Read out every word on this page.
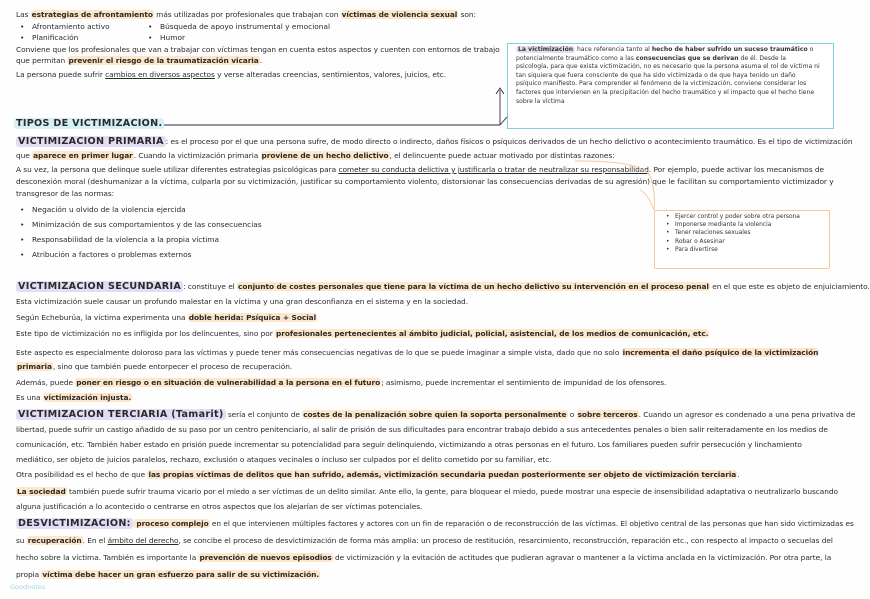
Las estrategias de afrontamiento más utilizadas por profesionales que trabajan con víctimas de violencia sexual son:
• Afrontamiento activo
• Planificación
• Búsqueda de apoyo instrumental y emocional
• Humor
Conviene que los profesionales que van a trabajar con víctimas tengan en cuenta estos aspectos y cuenten con entornos de trabajo
que permitan prevenir el riesgo de la traumatización vicaria.
La persona puede sufrir cambios en diversos aspectos y verse alteradas creencias, sentimientos, valores, juicios, etc.

La victimización hace referencia tanto al hecho de haber sufrido un suceso traumático o

potencialmente traumático como a las consecuencias que se derivan de él. Desde la

psicología, para que exista victimización, no es necesario que la persona asuma el rol de víctima ni

tan siquiera que fuera consciente de que ha sido victimizada o de que haya tenido un daño

psíquico manifiesto. Para comprender el fenómeno de la victimización, conviene considerar los

factores que intervienen en la precipitación del hecho traumático y el impacto que el hecho tiene

sobre la víctima

TIPOS DE VICTIMIZACION.
VICTIMIZACION PRIMARIA : es el proceso por el que una persona sufre, de modo directo o indirecto, daños físicos o psíquicos derivados de un hecho delictivo o acontecimiento traumático. Es el tipo de victimización
que aparece en primer lugar. Cuando la victimización primaria proviene de un hecho delictivo, el delincuente puede actuar motivado por distintas razones:
A su vez, la persona que delinque suele utilizar diferentes estrategias psicológicas para cometer su conducta delictiva y justificarla o tratar de neutralizar su responsabilidad. Por ejemplo, puede activar los mecanismos de
desconexión moral (deshumanizar a la víctima, culparla por su victimización, justificar su comportamiento violento, distorsionar las consecuencias derivadas de su agresión) que le facilitan su comportamiento victimizador y
transgresor de las normas:
• Negación u olvido de la violencia ejercida
• Minimización de sus comportamientos y de las consecuencias
• Responsabilidad de la violencia a la propia víctima
• Atribución a factores o problemas externos
• Ejercer control y poder sobre otra persona
• Imponerse mediante la violencia
• Tener relaciones sexuales
• Robar o Asesinar
• Para divertirse
VICTIMIZACION SECUNDARIA : constituye el conjunto de costes personales que tiene para la víctima de un hecho delictivo su intervención en el proceso penal en el que este es objeto de enjuiciamiento.
Esta victimización suele causar un profundo malestar en la víctima y una gran desconfianza en el sistema y en la sociedad.
Según Echeburúa, la víctima experimenta una doble herida: Psíquica + Social
Este tipo de victimización no es infligida por los delincuentes, sino por profesionales pertenecientes al ámbito judicial, policial, asistencial, de los medios de comunicación, etc.
Este aspecto es especialmente doloroso para las víctimas y puede tener más consecuencias negativas de lo que se puede imaginar a simple vista, dado que no solo incrementa el daño psíquico de la victimización
primaria, sino que también puede entorpecer el proceso de recuperación.
Además, puede poner en riesgo o en situación de vulnerabilidad a la persona en el futuro; asimismo, puede incrementar el sentimiento de impunidad de los ofensores.
Es una victimización injusta.
VICTIMIZACION TERCIARIA (Tamarit) sería el conjunto de costes de la penalización sobre quien la soporta personalmente o sobre terceros. Cuando un agresor es condenado a una pena privativa de
libertad, puede sufrir un castigo añadido de su paso por un centro penitenciario, al salir de prisión de sus dificultades para encontrar trabajo debido a sus antecedentes penales o bien salir reiteradamente en los medios de
comunicación, etc. También haber estado en prisión puede incrementar su potencialidad para seguir delinquiendo, victimizando a otras personas en el futuro. Los familiares pueden sufrir persecución y linchamiento
mediático, ser objeto de juicios paralelos, rechazo, exclusión o ataques vecinales o incluso ser culpados por el delito cometido por su familiar, etc.
Otra posibilidad es el hecho de que las propias víctimas de delitos que han sufrido, además, victimización secundaria puedan posteriormente ser objeto de victimización terciaria.
La sociedad también puede sufrir trauma vicario por el miedo a ser víctimas de un delito similar. Ante ello, la gente, para bloquear el miedo, puede mostrar una especie de insensibilidad adaptativa o neutralizarlo buscando
alguna justificación a lo acontecido o centrarse en otros aspectos que los alejarían de ser víctimas potenciales.
DESVICTIMIZACION: proceso complejo en el que intervienen múltiples factores y actores con un fin de reparación o de reconstrucción de las víctimas. El objetivo central de las personas que han sido victimizadas es
su recuperación. En el ámbito del derecho, se concibe el proceso de desvictimización de forma más amplia: un proceso de restitución, resarcimiento, reconstrucción, reparación etc., con respecto al impacto o secuelas del
hecho sobre la víctima. También es importante la prevención de nuevos episodios de victimización y la evitación de actitudes que pudieran agravar o mantener a la víctima anclada en la victimización. Por otra parte, la
propia víctima debe hacer un gran esfuerzo para salir de su victimización.
Goodnotes
